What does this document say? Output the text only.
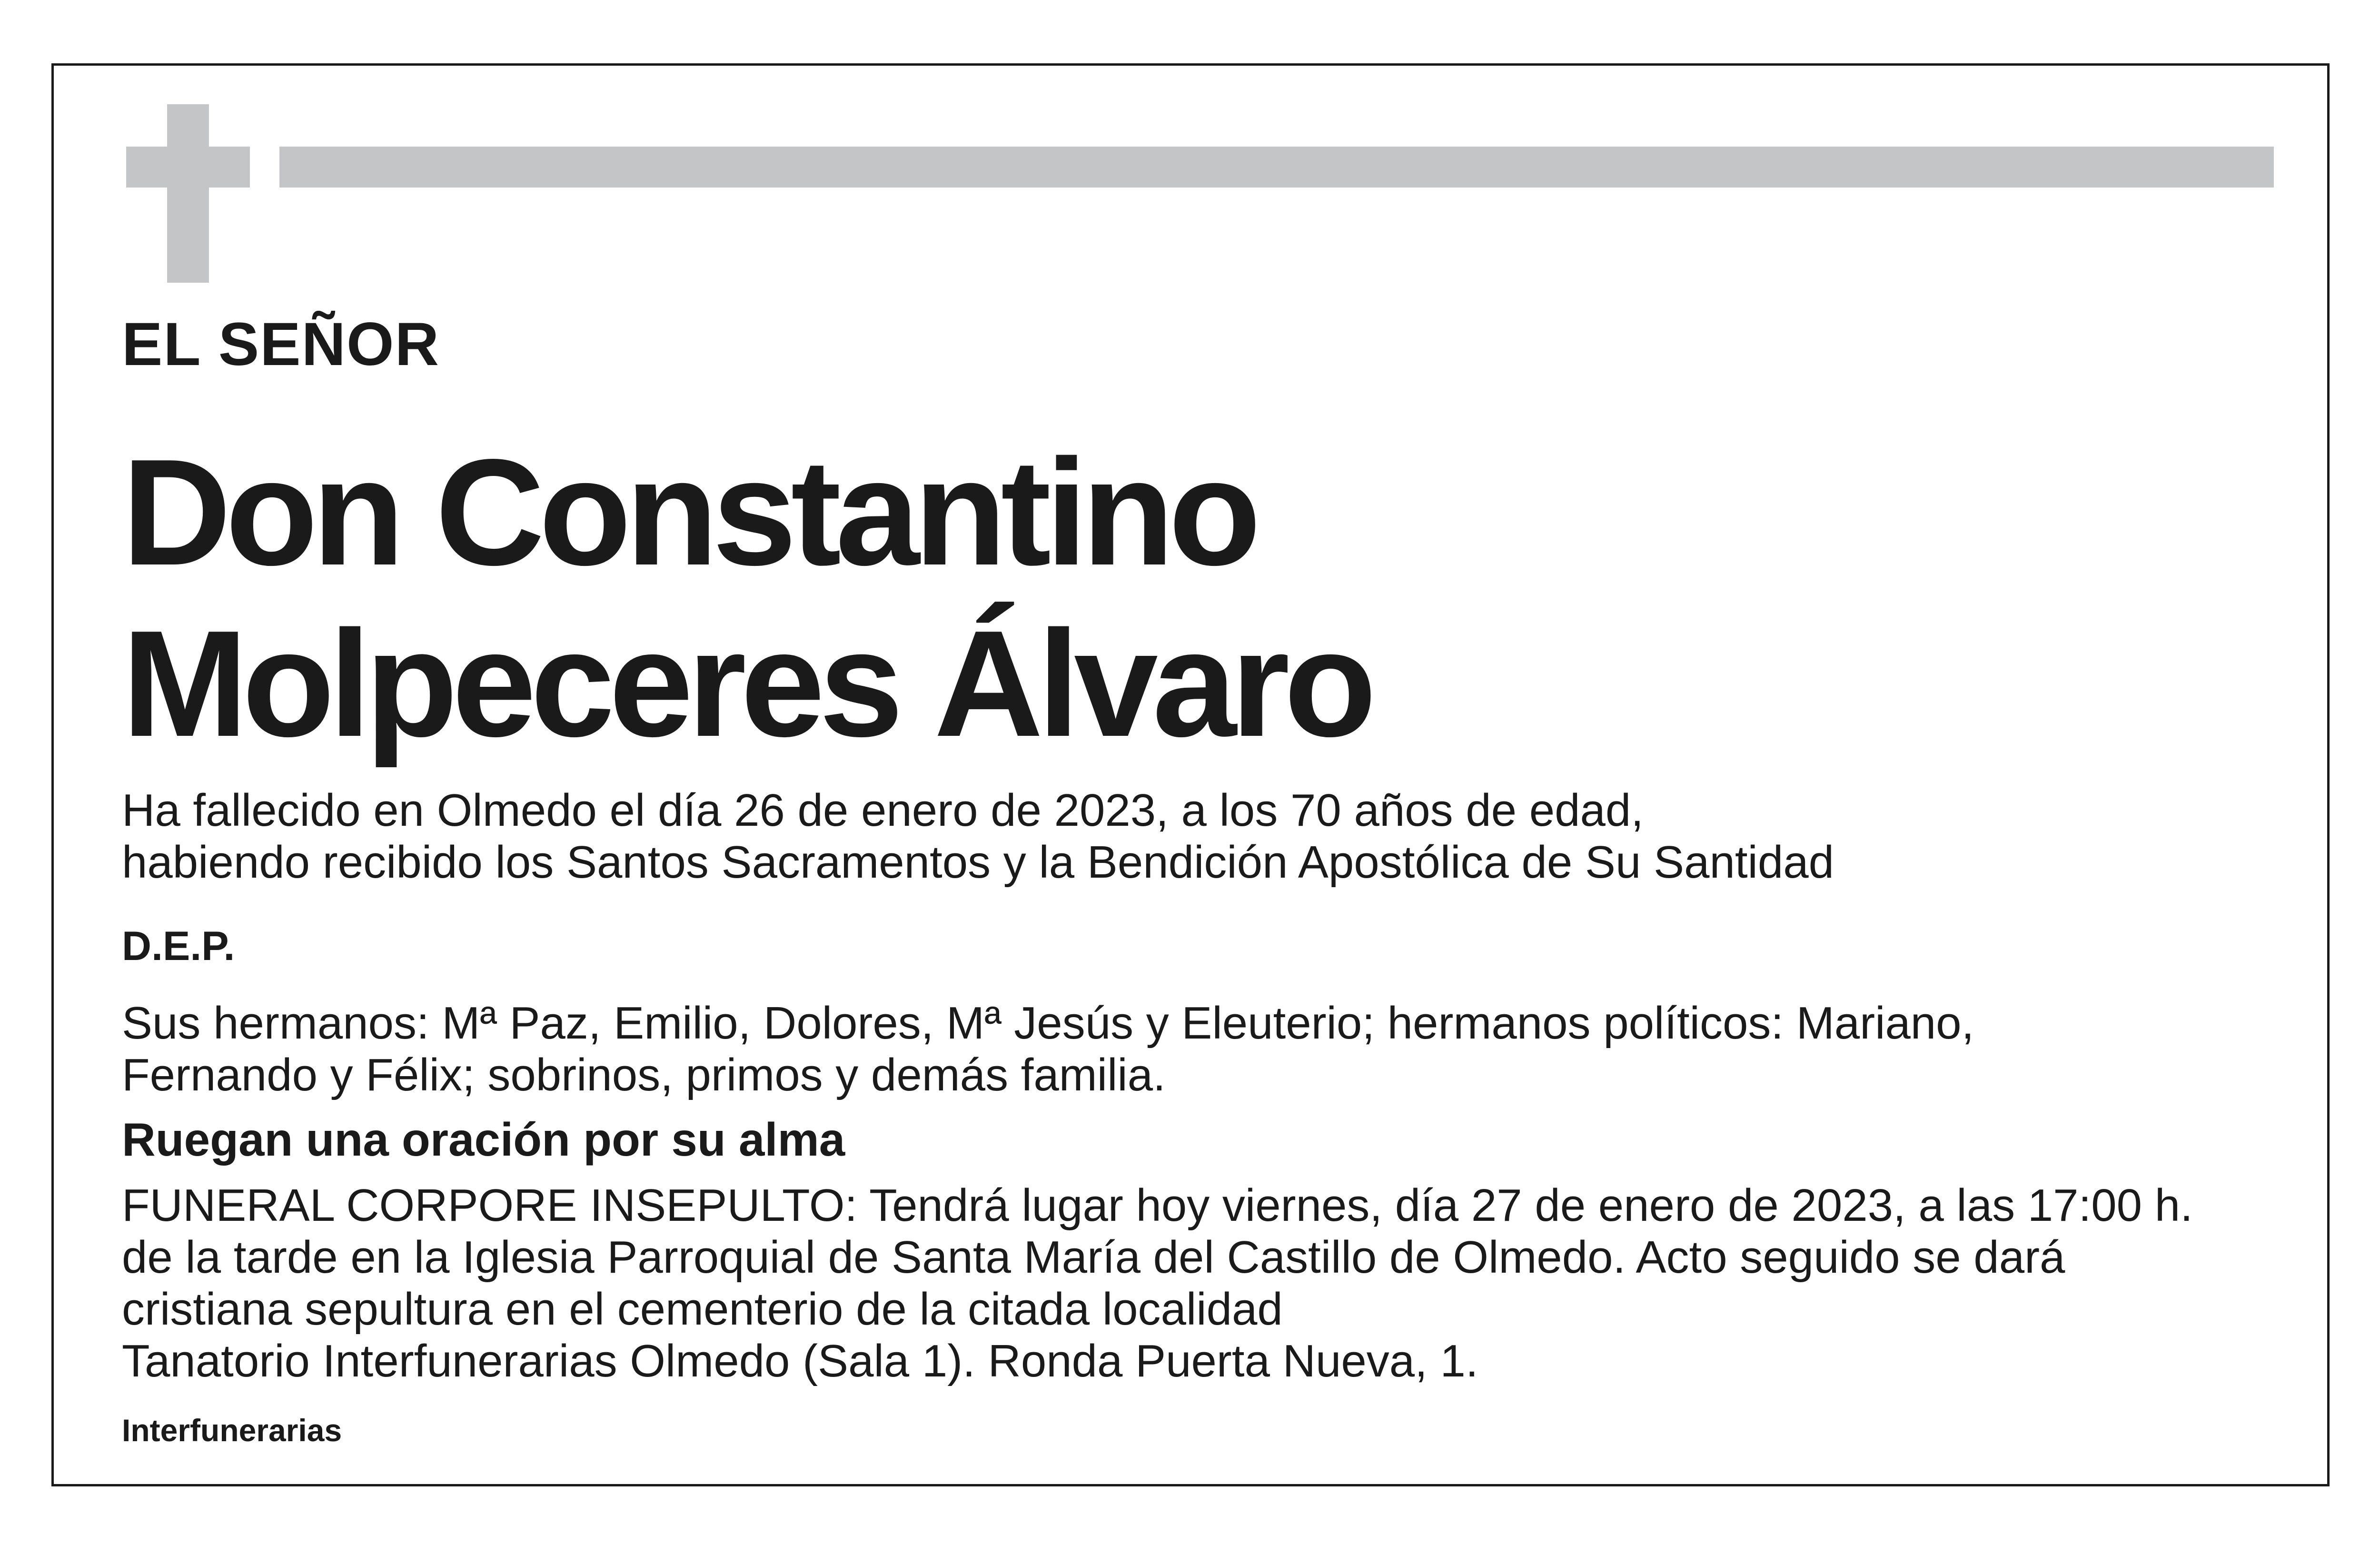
EL SEÑOR
Don Constantino
Molpeceres Álvaro
Ha fallecido en Olmedo el día 26 de enero de 2023, a los 70 años de edad,
habiendo recibido los Santos Sacramentos y la Bendición Apostólica de Su Santidad
D.E.P.
Sus hermanos: Mª Paz, Emilio, Dolores, Mª Jesús y Eleuterio; hermanos políticos: Mariano,
Fernando y Félix; sobrinos, primos y demás familia.
Ruegan una oración por su alma
FUNERAL CORPORE INSEPULTO: Tendrá lugar hoy viernes, día 27 de enero de 2023, a las 17:00 h.
de la tarde en la Iglesia Parroquial de Santa María del Castillo de Olmedo. Acto seguido se dará
cristiana sepultura en el cementerio de la citada localidad
Tanatorio Interfunerarias Olmedo (Sala 1). Ronda Puerta Nueva, 1.
Interfunerarias
